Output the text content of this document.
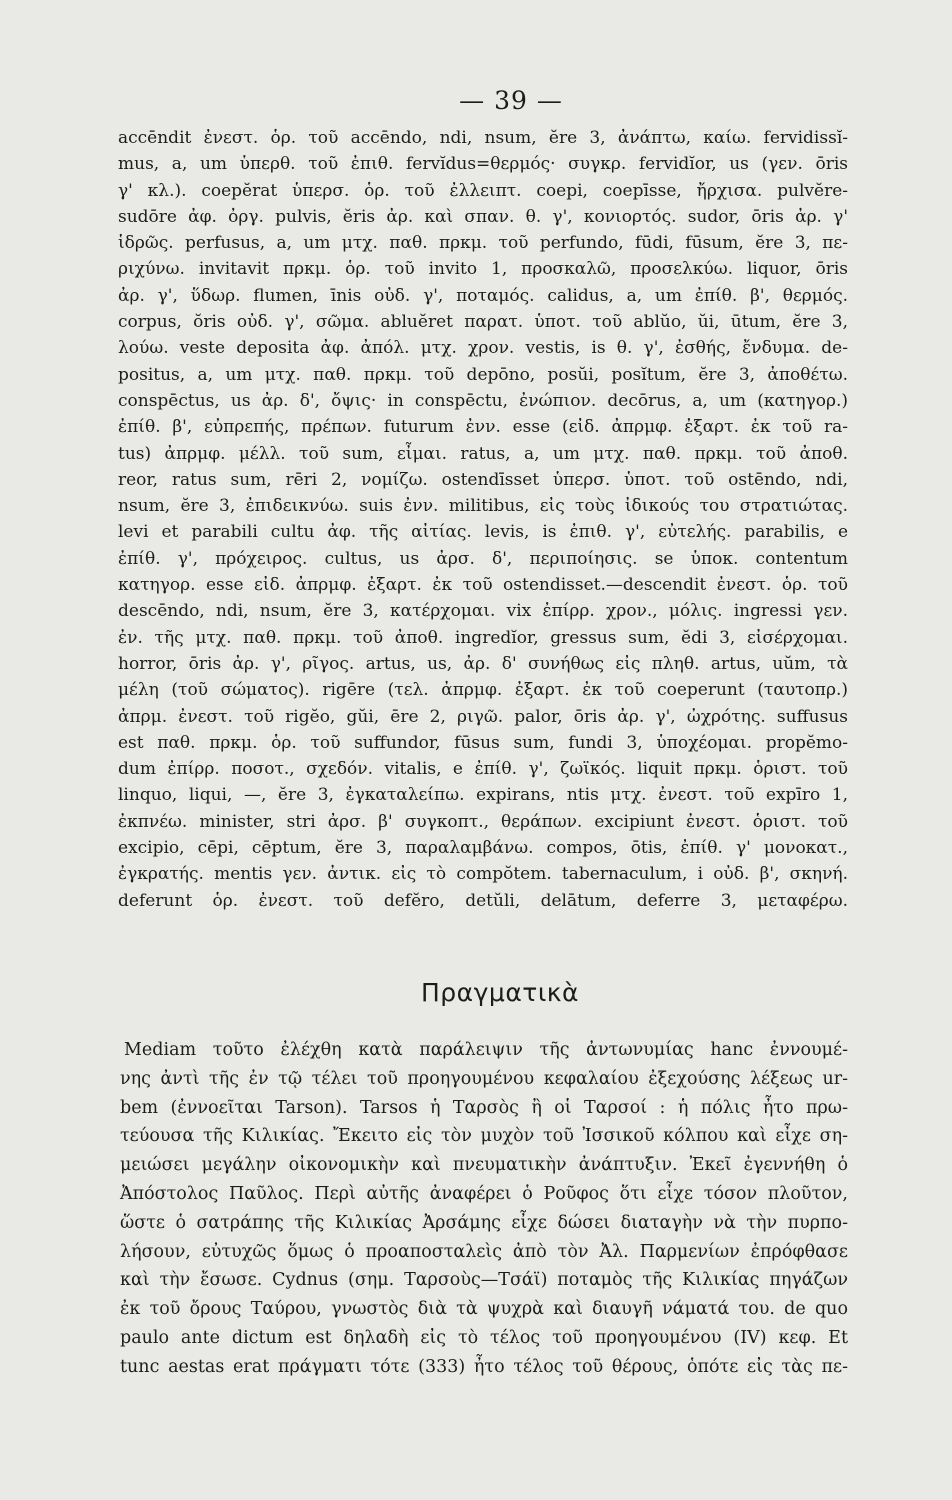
— 39 —
accēndit ἐνεστ. ὁρ. τοῦ accēndo, ndi, nsum, ĕre 3, ἀνάπτω, καίω. fervidissĭ-
mus, a, um ὑπερθ. τοῦ ἐπιθ. fervĭdus=θερμός· συγκρ. fervidĭor, us (γεν. ōris
γ' κλ.). coepĕrat ὑπερσ. ὁρ. τοῦ ἐλλειπτ. coepi, coepīsse, ἤρχισα. pulvĕre-
sudōre ἀφ. ὀργ. pulvis, ĕris ἀρ. καὶ σπαν. θ. γ', κονιορτός. sudor, ōris ἀρ. γ'
ἱδρῶς. perfusus, a, um μτχ. παθ. πρκμ. τοῦ perfundo, fūdi, fūsum, ĕre 3, πε-
ριχύνω. invitavit πρκμ. ὁρ. τοῦ invito 1, προσκαλῶ, προσελκύω. liquor, ōris
ἀρ. γ', ὕδωρ. flumen, īnis οὐδ. γ', ποταμός. calidus, a, um ἐπίθ. β', θερμός.
corpus, ŏris οὐδ. γ', σῶμα. abluĕret παρατ. ὑποτ. τοῦ ablŭo, ŭi, ūtum, ĕre 3,
λούω. veste deposita ἀφ. ἀπόλ. μτχ. χρον. vestis, is θ. γ', ἐσθής, ἔνδυμα. de-
positus, a, um μτχ. παθ. πρκμ. τοῦ depōno, posŭi, posĭtum, ĕre 3, ἀποθέτω.
conspēctus, us ἀρ. δ', ὄψις· in conspēctu, ἐνώπιον. decōrus, a, um (κατηγορ.)
ἐπίθ. β', εὐπρεπής, πρέπων. futurum ἐνν. esse (εἰδ. ἀπρμφ. ἐξαρτ. ἐκ τοῦ ra-
tus) ἀπρμφ. μέλλ. τοῦ sum, εἶμαι. ratus, a, um μτχ. παθ. πρκμ. τοῦ ἀποθ.
reor, ratus sum, rēri 2, νομίζω. ostendīsset ὑπερσ. ὑποτ. τοῦ ostēndo, ndi,
nsum, ĕre 3, ἐπιδεικνύω. suis ἐνν. militibus, εἰς τοὺς ἰδικούς του στρατιώτας.
levi et parabili cultu ἀφ. τῆς αἰτίας. levis, is ἐπιθ. γ', εὐτελής. parabilis, e
ἐπίθ. γ', πρόχειρος. cultus, us ἀρσ. δ', περιποίησις. se ὑποκ. contentum
κατηγορ. esse εἰδ. ἀπρμφ. ἐξαρτ. ἐκ τοῦ ostendisset.—descendit ἐνεστ. ὁρ. τοῦ
descēndo, ndi, nsum, ĕre 3, κατέρχομαι. vix ἐπίρρ. χρον., μόλις. ingressi γεν.
ἐν. τῆς μτχ. παθ. πρκμ. τοῦ ἀποθ. ingredĭor, gressus sum, ĕdi 3, εἰσέρχομαι.
horror, ōris ἀρ. γ', ρῖγος. artus, us, ἀρ. δ' συνήθως εἰς πληθ. artus, uŭm, τὰ
μέλη (τοῦ σώματος). rigēre (τελ. ἀπρμφ. ἐξαρτ. ἐκ τοῦ coeperunt (ταυτοπρ.)
ἀπρμ. ἐνεστ. τοῦ rigĕo, gŭi, ēre 2, ριγῶ. palor, ōris ἀρ. γ', ὠχρότης. suffusus
est παθ. πρκμ. ὁρ. τοῦ suffundor, fūsus sum, fundi 3, ὑποχέομαι. propĕmo-
dum ἐπίρρ. ποσοτ., σχεδόν. vitalis, e ἐπίθ. γ', ζωϊκός. liquit πρκμ. ὁριστ. τοῦ
linquo, liqui, —, ĕre 3, ἐγκαταλείπω. expirans, ntis μτχ. ἐνεστ. τοῦ expīro 1,
ἐκπνέω. minister, stri ἀρσ. β' συγκοπτ., θεράπων. excipiunt ἐνεστ. ὁριστ. τοῦ
excipio, cēpi, cēptum, ĕre 3, παραλαμβάνω. compos, ōtis, ἐπίθ. γ' μονοκατ.,
ἐγκρατής. mentis γεν. ἀντικ. εἰς τὸ compŏtem. tabernaculum, i οὐδ. β', σκηνή.
deferunt ὁρ. ἐνεστ. τοῦ defĕro, detŭli, delātum, deferre 3, μεταφέρω.
Πραγματικὰ
Mediam τοῦτο ἐλέχθη κατὰ παράλειψιν τῆς ἀντωνυμίας hanc ἐννουμέ-
νης ἀντὶ τῆς ἐν τῷ τέλει τοῦ προηγουμένου κεφαλαίου ἐξεχούσης λέξεως ur-
bem (ἐννοεῖται Tarson). Tarsos ἡ Ταρσὸς ἢ οἱ Ταρσοί : ἡ πόλις ἦτο πρω-
τεύουσα τῆς Κιλικίας. Ἔκειτο εἰς τὸν μυχὸν τοῦ Ἰσσικοῦ κόλπου καὶ εἶχε ση-
μειώσει μεγάλην οἰκονομικὴν καὶ πνευματικὴν ἀνάπτυξιν. Ἐκεῖ ἐγεννήθη ὁ
Ἀπόστολος Παῦλος. Περὶ αὐτῆς ἀναφέρει ὁ Ροῦφος ὅτι εἶχε τόσον πλοῦτον,
ὥστε ὁ σατράπης τῆς Κιλικίας Ἀρσάμης εἶχε δώσει διαταγὴν νὰ τὴν πυρπο-
λήσουν, εὐτυχῶς ὅμως ὁ προαποσταλεὶς ἀπὸ τὸν Ἀλ. Παρμενίων ἐπρόφθασε
καὶ τὴν ἔσωσε. Cydnus (σημ. Ταρσοὺς—Τσάϊ) ποταμὸς τῆς Κιλικίας πηγάζων
ἐκ τοῦ ὄρους Ταύρου, γνωστὸς διὰ τὰ ψυχρὰ καὶ διαυγῆ νάματά του. de quo
paulo ante dictum est δηλαδὴ εἰς τὸ τέλος τοῦ προηγουμένου (IV) κεφ. Et
tunc aestas erat πράγματι τότε (333) ἦτο τέλος τοῦ θέρους, ὁπότε εἰς τὰς πε-
